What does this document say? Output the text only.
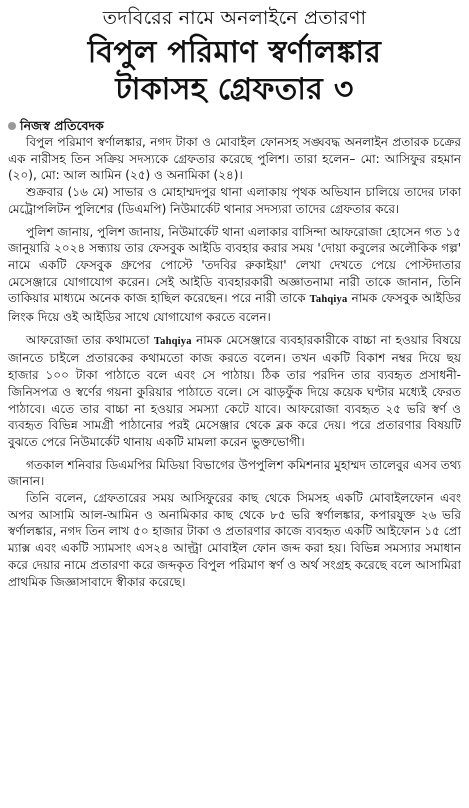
তদবিরের নামে অনলাইনে প্রতারণা
বিপুল পরিমাণ স্বর্ণালঙ্কার
টাকাসহ গ্রেফতার ৩
নিজস্ব প্রতিবেদক

বিপুল পরিমাণ স্বর্ণালঙ্কার, নগদ টাকা ও মোবাইল ফোনসহ সঙ্ঘবদ্ধ অনলাইন প্রতারক চক্রের এক নারীসহ তিন সক্রিয় সদস্যকে গ্রেফতার করেছে পুলিশ। তারা হলেন– মো: আসিফুর রহমান (২০), মো: আল আমিন (২৫) ও অনামিকা (২৪)।

শুক্রবার (১৬ মে) সাভার ও মোহাম্মদপুর থানা এলাকায় পৃথক অভিযান চালিয়ে তাদের ঢাকা মেট্রোপলিটন পুলিশের (ডিএমপি) নিউমার্কেট থানার সদস্যরা তাদের গ্রেফতার করে।

পুলিশ জানায়, পুলিশ জানায়, নিউমার্কেট থানা এলাকার বাসিন্দা আফরোজা হোসেন গত ১৫ জানুয়ারি ২০২৪ সন্ধ্যায় তার ফেসবুক আইডি ব্যবহার করার সময় 'দোয়া কবুলের অলৌকিক গল্প' নামে একটি ফেসবুক গ্রুপের পোস্টে 'তদবির রুকাইয়া' লেখা দেখতে পেয়ে পোস্টদাতার মেসেঞ্জারে যোগাযোগ করেন। সেই আইডি ব্যবহারকারী অজ্ঞাতনামা নারী তাকে জানান, তিনি তাকিয়ার মাধ্যমে অনেক কাজ হাছিল করেছেন। পরে নারী তাকে Tahqiya নামক ফেসবুক আইডির লিংক দিয়ে ওই আইডির সাথে যোগাযোগ করতে বলেন।

আফরোজা তার কথামতো Tahqiya নামক মেসেঞ্জারে ব্যবহারকারীকে বাচ্চা না হওয়ার বিষয়ে জানতে চাইলে প্রতারকের কথামতো কাজ করতে বলেন। তখন একটি বিকাশ নম্বর দিয়ে ছয় হাজার ১০০ টাকা পাঠাতে বলে এবং সে পাঠায়। ঠিক তার পরদিন তার ব্যবহৃত প্রসাধনী-জিনিসপত্র ও স্বর্ণের গয়না কুরিয়ার পাঠাতে বলে। সে ঝাড়ফুঁক দিয়ে কয়েক ঘণ্টার মধ্যেই ফেরত পাঠাবে। এতে তার বাচ্চা না হওয়ার সমস্যা কেটে যাবে। আফরোজা ব্যবহৃত ২৫ ভরি স্বর্ণ ও ব্যবহৃত বিভিন্ন সামগ্রী পাঠানোর পরই মেসেঞ্জার থেকে ব্লক করে দেয়। পরে প্রতারণার বিষয়টি বুঝতে পেরে নিউমার্কেট থানায় একটি মামলা করেন ভুক্তভোগী।

গতকাল শনিবার ডিএমপির মিডিয়া বিভাগের উপপুলিশ কমিশনার মুহাম্মদ তালেবুর এসব তথ্য জানান।

তিনি বলেন, গ্রেফতারের সময় আসিফুরের কাছ থেকে সিমসহ একটি মোবাইলফোন এবং অপর আসামি আল-আমিন ও অনামিকার কাছ থেকে ৮৫ ভরি স্বর্ণালঙ্কার, কপারযুক্ত ২৬ ভরি স্বর্ণালঙ্কার, নগদ তিন লাখ ৫০ হাজার টাকা ও প্রতারণার কাজে ব্যবহৃত একটি আইফোন ১৫ প্রো ম্যাক্স এবং একটি স্যামসাং এস২৪ আল্ট্রা মোবাইল ফোন জব্দ করা হয়। বিভিন্ন সমস্যার সমাধান করে দেয়ার নামে প্রতারণা করে জব্দকৃত বিপুল পরিমাণ স্বর্ণ ও অর্থ সংগ্রহ করেছে বলে আসামিরা প্রাথমিক জিজ্ঞাসাবাদে স্বীকার করেছে।
